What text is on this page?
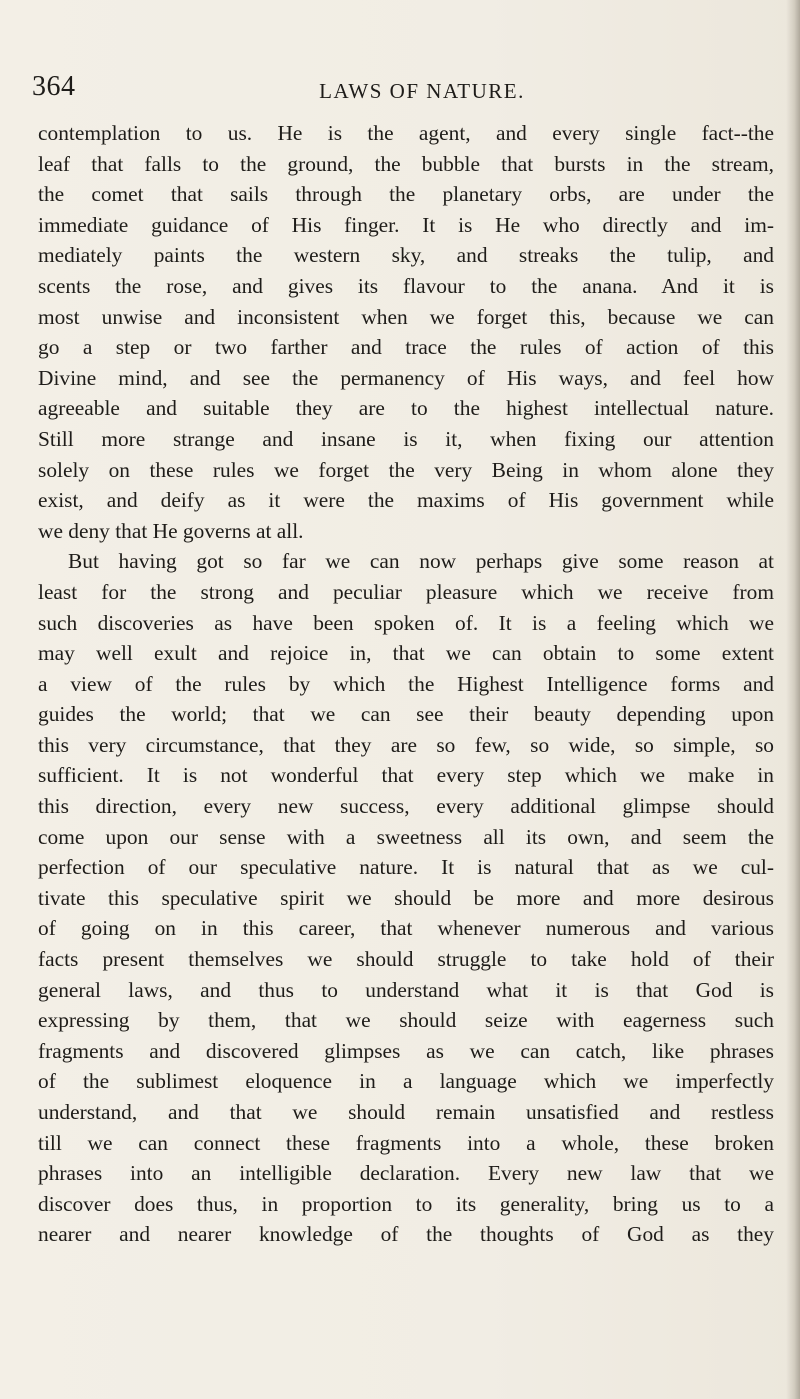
364	LAWS OF NATURE.
contemplation to us. He is the agent, and every single fact--the
leaf that falls to the ground, the bubble that bursts in the stream,
the comet that sails through the planetary orbs, are under the
immediate guidance of His finger. It is He who directly and im-
mediately paints the western sky, and streaks the tulip, and
scents the rose, and gives its flavour to the anana. And it is
most unwise and inconsistent when we forget this, because we can
go a step or two farther and trace the rules of action of this
Divine mind, and see the permanency of His ways, and feel how
agreeable and suitable they are to the highest intellectual nature.
Still more strange and insane is it, when fixing our attention
solely on these rules we forget the very Being in whom alone they
exist, and deify as it were the maxims of His government while
we deny that He governs at all.
But having got so far we can now perhaps give some reason at
least for the strong and peculiar pleasure which we receive from
such discoveries as have been spoken of. It is a feeling which we
may well exult and rejoice in, that we can obtain to some extent
a view of the rules by which the Highest Intelligence forms and
guides the world; that we can see their beauty depending upon
this very circumstance, that they are so few, so wide, so simple, so
sufficient. It is not wonderful that every step which we make in
this direction, every new success, every additional glimpse should
come upon our sense with a sweetness all its own, and seem the
perfection of our speculative nature. It is natural that as we cul-
tivate this speculative spirit we should be more and more desirous
of going on in this career, that whenever numerous and various
facts present themselves we should struggle to take hold of their
general laws, and thus to understand what it is that God is
expressing by them, that we should seize with eagerness such
fragments and discovered glimpses as we can catch, like phrases
of the sublimest eloquence in a language which we imperfectly
understand, and that we should remain unsatisfied and restless
till we can connect these fragments into a whole, these broken
phrases into an intelligible declaration. Every new law that we
discover does thus, in proportion to its generality, bring us to a
nearer and nearer knowledge of the thoughts of God as they
